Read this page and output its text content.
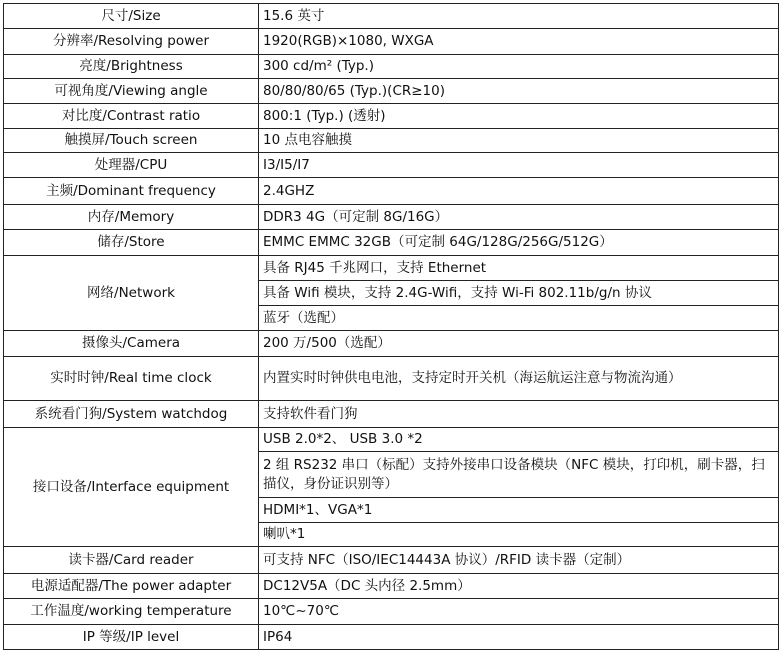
尺寸/Size	15.6 英寸
分辨率/Resolving power	1920(RGB)×1080, WXGA
亮度/Brightness	300 cd/m² (Typ.)
可视角度/Viewing angle	80/80/80/65 (Typ.)(CR≥10)
对比度/Contrast ratio	800:1 (Typ.) (透射)
触摸屏/Touch screen	10 点电容触摸
处理器/CPU	I3/I5/I7
主频/Dominant frequency	2.4GHZ
内存/Memory	DDR3 4G（可定制 8G/16G）
储存/Store	EMMC EMMC 32GB（可定制 64G/128G/256G/512G）
网络/Network	具备 RJ45 千兆网口，支持 Ethernet
	具备 Wifi 模块，支持 2.4G-Wifi，支持 Wi-Fi 802.11b/g/n 协议
	蓝牙（选配）
摄像头/Camera	200 万/500（选配）
实时时钟/Real time clock	内置实时时钟供电电池，支持定时开关机（海运航运注意与物流沟通）
系统看门狗/System watchdog	支持软件看门狗
接口设备/Interface equipment	USB 2.0*2、 USB 3.0 *2
	2 组 RS232 串口（标配）支持外接串口设备模块（NFC 模块，打印机，刷卡器，扫描仪，身份证识别等）
	HDMI*1、VGA*1
	喇叭*1
读卡器/Card reader	可支持 NFC（ISO/IEC14443A 协议）/RFID 读卡器（定制）
电源适配器/The power adapter	DC12V5A（DC 头内径 2.5mm）
工作温度/working temperature	10℃~70℃
IP 等级/IP level	IP64
